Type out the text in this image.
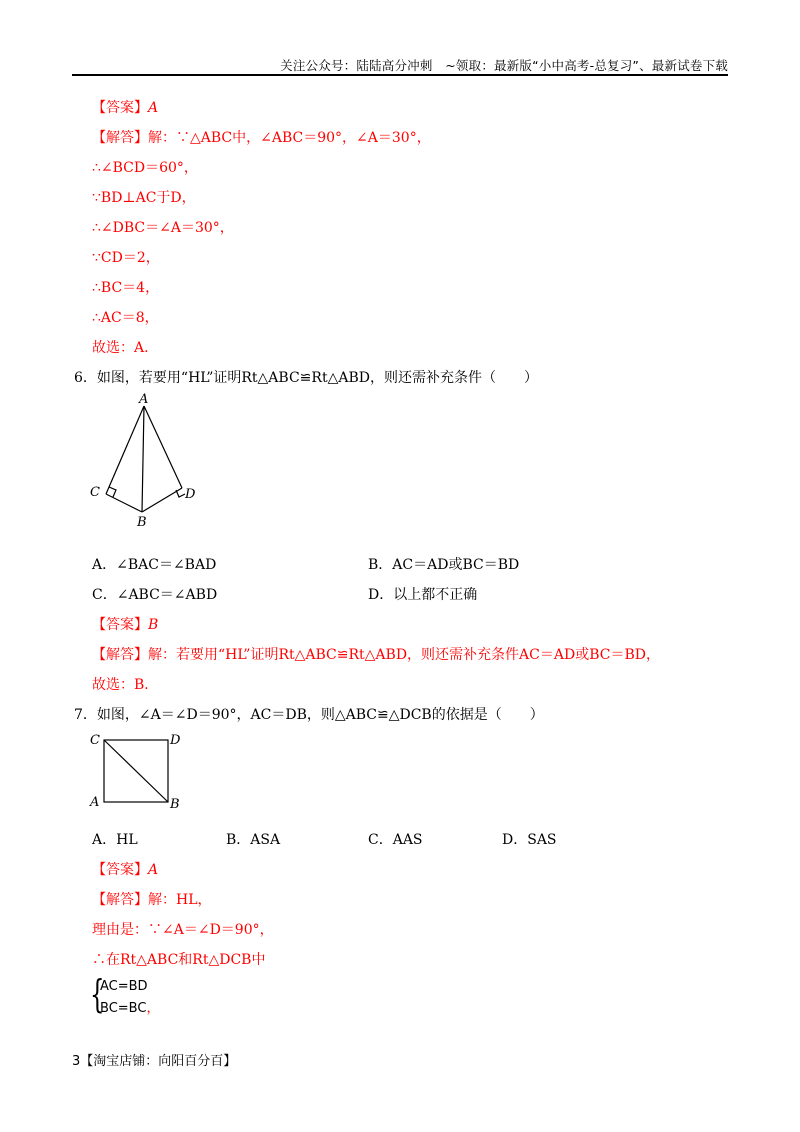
关注公众号：陆陆高分冲刺　~领取：最新版“小中高考-总复习”、最新试卷下载
【答案】A
【解答】解：∵△ABC中，∠ABC＝90°，∠A＝30°，
∴∠BCD＝60°，
∵BD⊥AC于D，
∴∠DBC＝∠A＝30°，
∵CD＝2，
∴BC＝4，
∴AC＝8，
故选：A．
6．如图，若要用“HL”证明Rt△ABC≌Rt△ABD，则还需补充条件（　　）
A
C	D
B
A．∠BAC＝∠BAD	B．AC＝AD或BC＝BD
C．∠ABC＝∠ABD	D．以上都不正确
【答案】B
【解答】解：若要用“HL”证明Rt△ABC≌Rt△ABD，则还需补充条件AC＝AD或BC＝BD，
故选：B．
7．如图，∠A＝∠D＝90°，AC＝DB，则△ABC≌△DCB的依据是（　　）
C	D
A	B
A．HL	B．ASA	C．AAS	D．SAS
【答案】A
【解答】解：HL，
理由是：∵∠A＝∠D＝90°，
∴在Rt△ABC和Rt△DCB中
{
AC=BD
BC=BC，
3【淘宝店铺：向阳百分百】
